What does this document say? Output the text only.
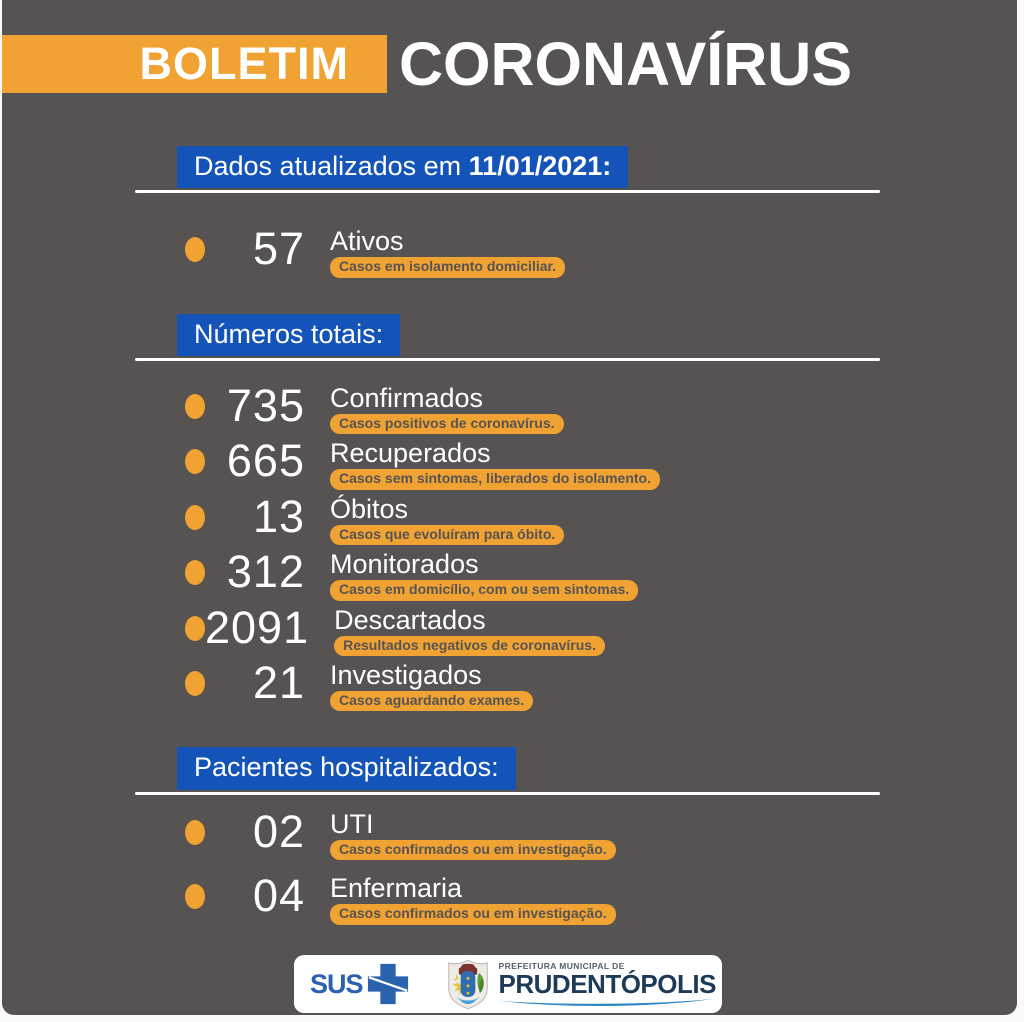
BOLETIM CORONAVÍRUS
Dados atualizados em 11/01/2021:
57 Ativos
Casos em isolamento domiciliar.
Números totais:
735 Confirmados
Casos positivos de coronavírus.
665 Recuperados
Casos sem sintomas, liberados do isolamento.
13 Óbitos
Casos que evoluíram para óbito.
312 Monitorados
Casos em domicílio, com ou sem sintomas.
2091 Descartados
Resultados negativos de coronavírus.
21 Investigados
Casos aguardando exames.
Pacientes hospitalizados:
02 UTI
Casos confirmados ou em investigação.
04 Enfermaria
Casos confirmados ou em investigação.
SUS
PREFEITURA MUNICIPAL DE
PRUDENTÓPOLIS
